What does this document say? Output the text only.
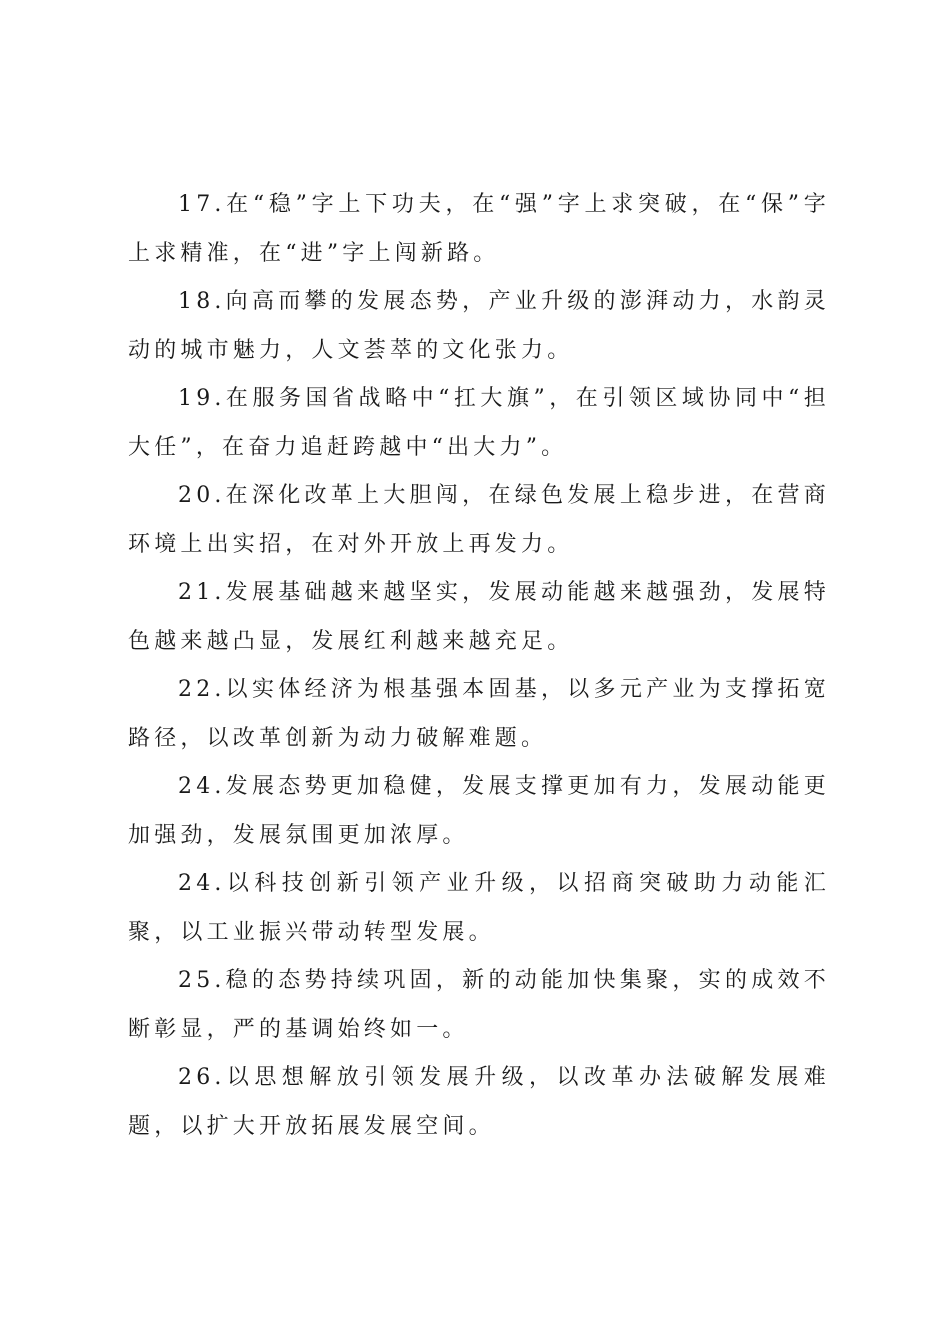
17.在“稳”字上下功夫，在“强”字上求突破，在“保”字上求精准，在“进”字上闯新路。

18.向高而攀的发展态势，产业升级的澎湃动力，水韵灵动的城市魅力，人文荟萃的文化张力。

19.在服务国省战略中“扛大旗”，在引领区域协同中“担大任”，在奋力追赶跨越中“出大力”。

20.在深化改革上大胆闯，在绿色发展上稳步进，在营商环境上出实招，在对外开放上再发力。

21.发展基础越来越坚实，发展动能越来越强劲，发展特色越来越凸显，发展红利越来越充足。

22.以实体经济为根基强本固基，以多元产业为支撑拓宽路径，以改革创新为动力破解难题。

24.发展态势更加稳健，发展支撑更加有力，发展动能更加强劲，发展氛围更加浓厚。

24.以科技创新引领产业升级，以招商突破助力动能汇聚，以工业振兴带动转型发展。

25.稳的态势持续巩固，新的动能加快集聚，实的成效不断彰显，严的基调始终如一。

26.以思想解放引领发展升级，以改革办法破解发展难题，以扩大开放拓展发展空间。
